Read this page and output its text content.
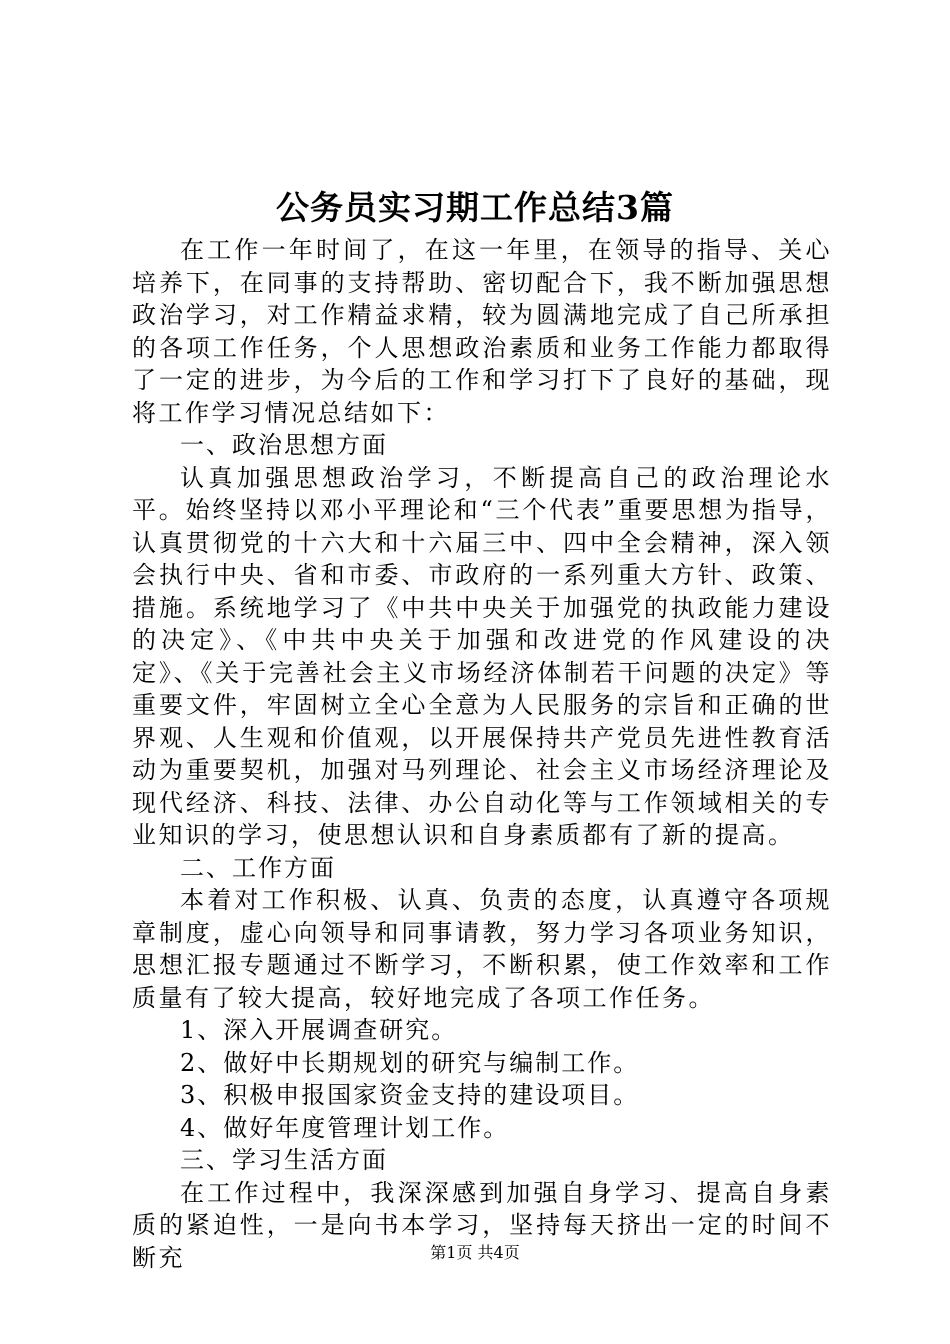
公务员实习期工作总结3篇

在工作一年时间了，在这一年里，在领导的指导、关心培养下，在同事的支持帮助、密切配合下，我不断加强思想政治学习，对工作精益求精，较为圆满地完成了自己所承担的各项工作任务，个人思想政治素质和业务工作能力都取得了一定的进步，为今后的工作和学习打下了良好的基础，现将工作学习情况总结如下：

一、政治思想方面

认真加强思想政治学习，不断提高自己的政治理论水平。始终坚持以邓小平理论和“三个代表”重要思想为指导，认真贯彻党的十六大和十六届三中、四中全会精神，深入领会执行中央、省和市委、市政府的一系列重大方针、政策、措施。系统地学习了《中共中央关于加强党的执政能力建设的决定》、《中共中央关于加强和改进党的作风建设的决定》、《关于完善社会主义市场经济体制若干问题的决定》等重要文件，牢固树立全心全意为人民服务的宗旨和正确的世界观、人生观和价值观，以开展保持共产党员先进性教育活动为重要契机，加强对马列理论、社会主义市场经济理论及现代经济、科技、法律、办公自动化等与工作领域相关的专业知识的学习，使思想认识和自身素质都有了新的提高。

二、工作方面

本着对工作积极、认真、负责的态度，认真遵守各项规章制度，虚心向领导和同事请教，努力学习各项业务知识，思想汇报专题通过不断学习，不断积累，使工作效率和工作质量有了较大提高，较好地完成了各项工作任务。

1、深入开展调查研究。

2、做好中长期规划的研究与编制工作。

3、积极申报国家资金支持的建设项目。

4、做好年度管理计划工作。

三、学习生活方面

在工作过程中，我深深感到加强自身学习、提高自身素质的紧迫性，一是向书本学习，坚持每天挤出一定的时间不断充	第1页 共4页
